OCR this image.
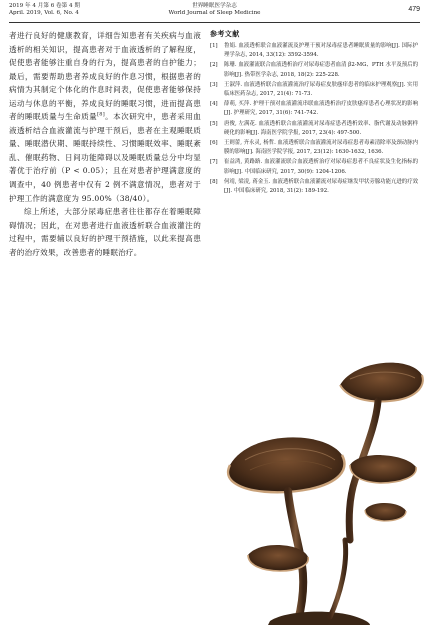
2019 年 4 月第 6 卷第 4 期
April. 2019, Vol. 6, No. 4
世界睡眠医学杂志
World Journal of Sleep Medicine	479

者进行良好的健康教育，详细告知患者有关疾病与血液透析的相关知识，提高患者对于血液透析的了解程度，促使患者能够注重自身的行为，提高患者的自护能力；最后，需要帮助患者养成良好的作息习惯，根据患者的病情为其制定个体化的作息时间表，促使患者能够保持运动与休息的平衡，养成良好的睡眠习惯，进而提高患者的睡眠质量与生命质量[8]。本次研究中，患者采用血液透析结合血液灌流与护理干预后，患者在主观睡眠质量、睡眠潜伏期、睡眠持续性、习惯睡眠效率、睡眠紊乱、催眠药物、日间功能障碍以及睡眠质量总分中均显著优于治疗前（P < 0.05）；且在对患者护理满意度的调查中，40 例患者中仅有 2 例不满意情况，患者对于护理工作的满意度为 95.00%（38/40）。

综上所述，大部分尿毒症患者往往都存在着睡眠障碍情况；因此，在对患者进行血液透析联合血液灌注的过程中，需要辅以良好的护理干预措施，以此来提高患者的治疗效果，改善患者的睡眠治疗。

参考文献
[1] 鲁娟. 血液透析联合血液灌流及护理干预对尿毒症患者睡眠质量的影响[J]. 国际护理学杂志, 2014, 33(12): 3592-3594.
[2] 陈珊. 血液灌流联合血液透析治疗对尿毒症患者血清 β2-MG、PTH 水平及预后的影响[J]. 热带医学杂志, 2018, 18(2): 225-228.
[3] 王淑萍. 血液透析联合血液灌流治疗尿毒症皮肤瘙痒患者的临床护理观察[J]. 实用临床医药杂志, 2017, 21(4): 71-73.
[4] 薛萌, 买萍. 护理干预对血液灌流串联血液透析治疗皮肤瘙痒患者心理状况的影响[J]. 护理研究, 2017, 31(6): 741-742.
[5] 唐俊, 左满花. 血液透析联合血液灌流对尿毒症患者透析效率、脂代谢及动脉粥样硬化的影响[J]. 海南医学院学报, 2017, 23(4): 497-500.
[6] 王则蕾, 齐永灵, 杨哲. 血液透析联合血液灌流对尿毒症患者毒素清除率及颈动脉内膜的影响[J]. 海南医学院学报, 2017, 23(12): 1630-1632, 1636.
[7] 崔益鸿, 黄路路. 血液灌流联合血液透析治疗对尿毒症患者不良症状及生化指标的影响[J]. 中国临床研究, 2017, 30(9): 1204-1206.
[8] 何靖, 梁凌, 蒋金玉. 血液透析联合血液灌流对尿毒症继发甲状旁腺功能亢进的疗效[J]. 中国临床研究, 2018, 31(2): 189-192.
